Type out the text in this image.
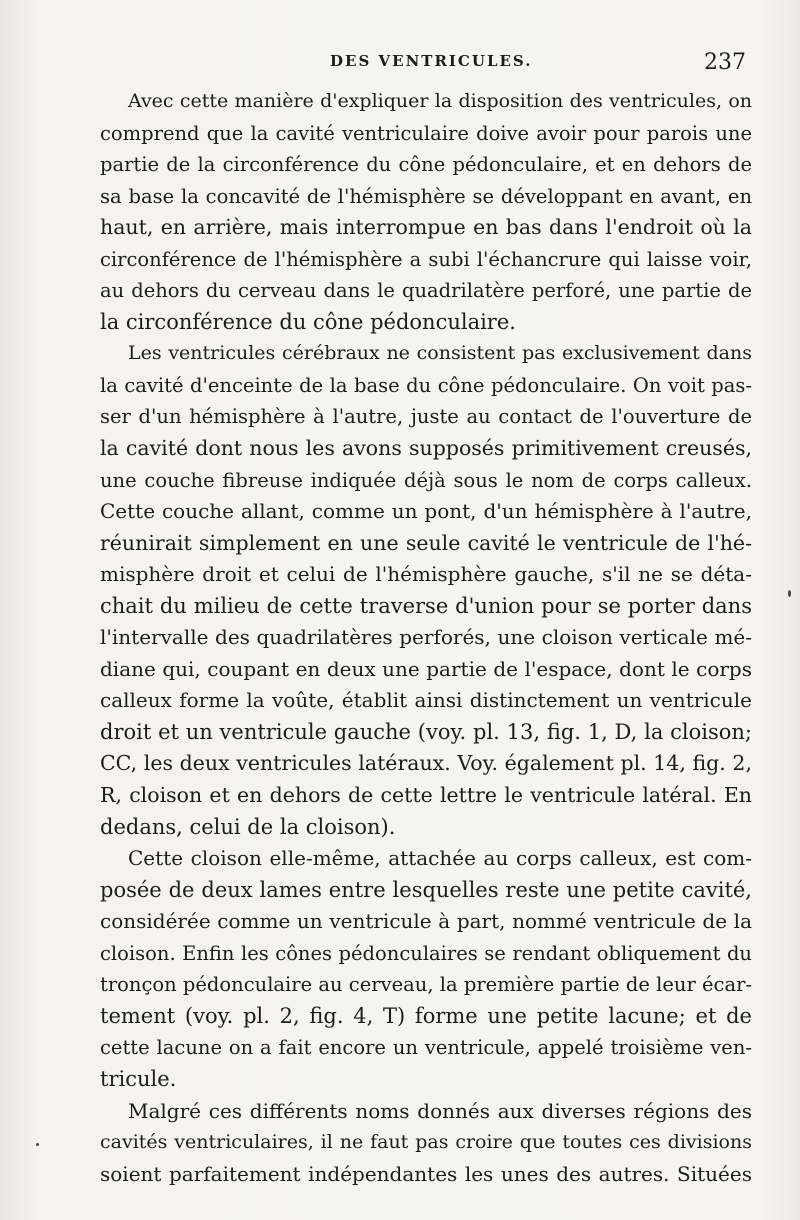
DES VENTRICULES.	237

Avec cette manière d'expliquer la disposition des ventricules, on
comprend que la cavité ventriculaire doive avoir pour parois une
partie de la circonférence du cône pédonculaire, et en dehors de
sa base la concavité de l'hémisphère se développant en avant, en
haut, en arrière, mais interrompue en bas dans l'endroit où la
circonférence de l'hémisphère a subi l'échancrure qui laisse voir,
au dehors du cerveau dans le quadrilatère perforé, une partie de
la circonférence du cône pédonculaire.

Les ventricules cérébraux ne consistent pas exclusivement dans
la cavité d'enceinte de la base du cône pédonculaire. On voit pas-
ser d'un hémisphère à l'autre, juste au contact de l'ouverture de
la cavité dont nous les avons supposés primitivement creusés,
une couche fibreuse indiquée déjà sous le nom de corps calleux.
Cette couche allant, comme un pont, d'un hémisphère à l'autre,
réunirait simplement en une seule cavité le ventricule de l'hé-
misphère droit et celui de l'hémisphère gauche, s'il ne se déta-
chait du milieu de cette traverse d'union pour se porter dans
l'intervalle des quadrilatères perforés, une cloison verticale mé-
diane qui, coupant en deux une partie de l'espace, dont le corps
calleux forme la voûte, établit ainsi distinctement un ventricule
droit et un ventricule gauche (voy. pl. 13, fig. 1, D, la cloison;
CC, les deux ventricules latéraux. Voy. également pl. 14, fig. 2,
R, cloison et en dehors de cette lettre le ventricule latéral. En
dedans, celui de la cloison).

Cette cloison elle-même, attachée au corps calleux, est com-
posée de deux lames entre lesquelles reste une petite cavité,
considérée comme un ventricule à part, nommé ventricule de la
cloison. Enfin les cônes pédonculaires se rendant obliquement du
tronçon pédonculaire au cerveau, la première partie de leur écar-
tement (voy. pl. 2, fig. 4, T) forme une petite lacune; et de
cette lacune on a fait encore un ventricule, appelé troisième ven-
tricule.

Malgré ces différents noms donnés aux diverses régions des
cavités ventriculaires, il ne faut pas croire que toutes ces divisions
soient parfaitement indépendantes les unes des autres. Situées
